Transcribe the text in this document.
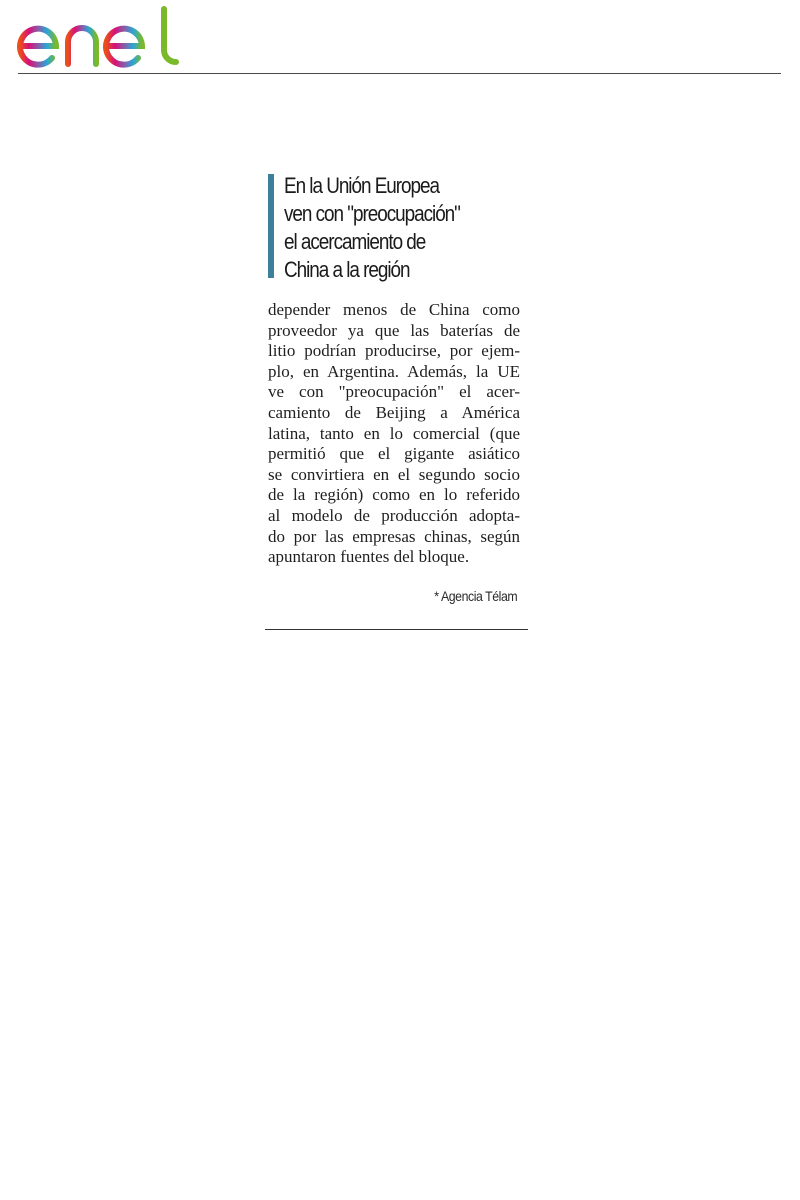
En la Unión Europea
ven con "preocupación"
el acercamiento de
China a la región
depender menos de China como
proveedor ya que las baterías de
litio podrían producirse, por ejem-
plo, en Argentina. Además, la UE
ve con "preocupación" el acer-
camiento de Beijing a América
latina, tanto en lo comercial (que
permitió que el gigante asiático
se convirtiera en el segundo socio
de la región) como en lo referido
al modelo de producción adopta-
do por las empresas chinas, según
apuntaron fuentes del bloque.
* Agencia Télam
